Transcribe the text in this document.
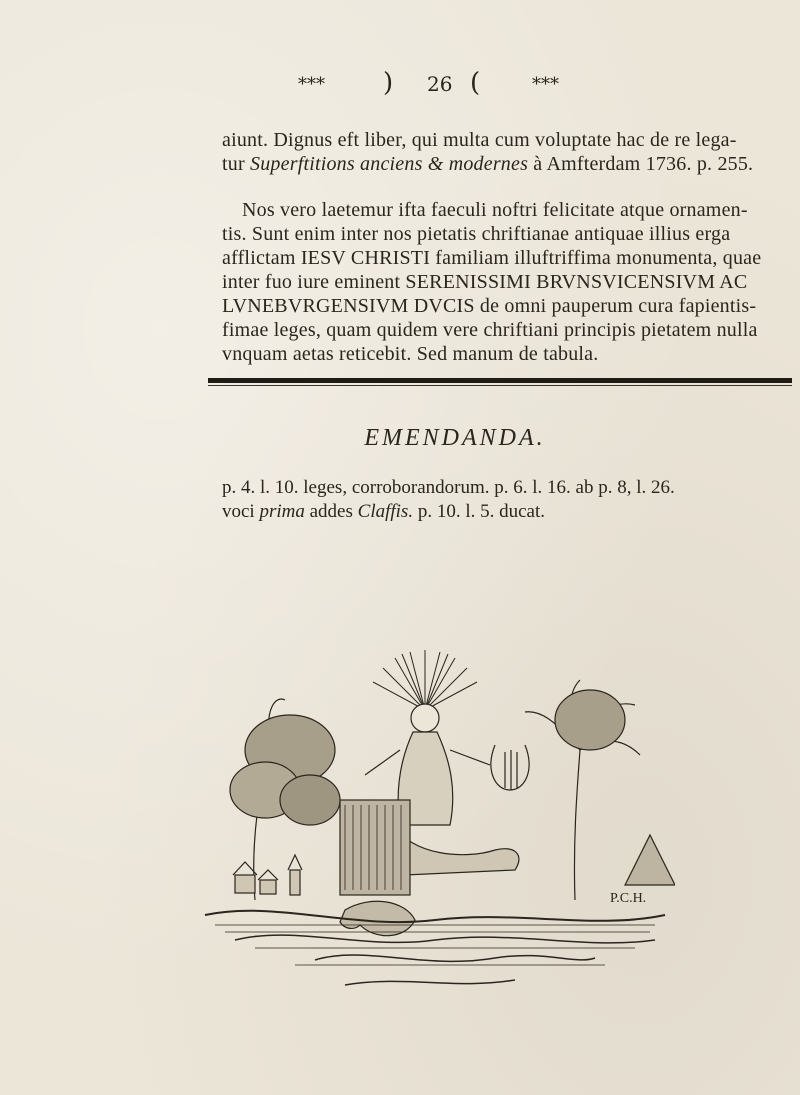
*** ) 26 (	***
aiunt. Dignus eft liber, qui multa cum voluptate hac de re lega-
tur Superftitions anciens & modernes à Amfterdam 1736. p. 255.
Nos vero laetemur ifta faeculi noftri felicitate atque ornamen-
tis. Sunt enim inter nos pietatis chriftianae antiquae illius erga
afflictam IESV CHRISTI familiam illuftriffima monumenta, quae
inter fuo iure eminent SERENISSIMI BRVNSVICENSIVM AC
LVNEBVRGENSIVM DVCIS de omni pauperum cura fapientis-
fimae leges, quam quidem vere chriftiani principis pietatem nulla
vnquam aetas reticebit. Sed manum de tabula.
EMENDANDA.
p. 4. l. 10. leges, corroborandorum. p. 6. l. 16. ab p. 8, l. 26.
voci prima addes Claffis. p. 10. l. 5. ducat.
P.C.H.
